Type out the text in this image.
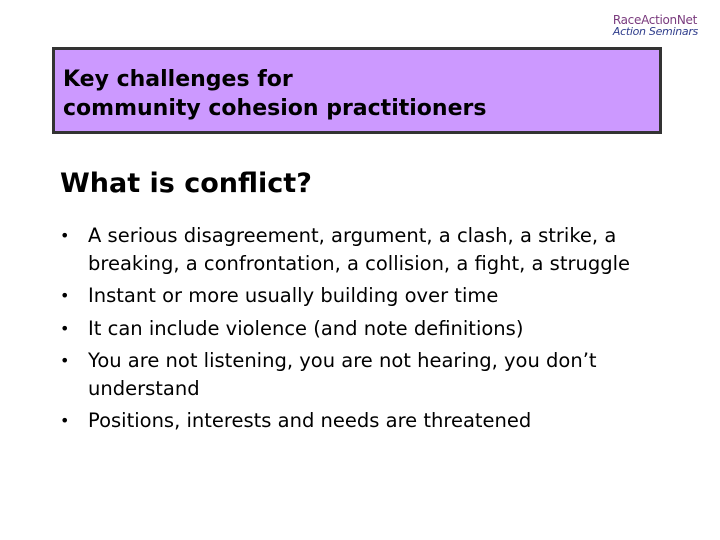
RaceActionNet
Action Seminars
Key challenges for
community cohesion practitioners
What is conflict?
• A serious disagreement, argument, a clash, a strike, a breaking, a confrontation, a collision, a fight, a struggle
• Instant or more usually building over time
• It can include violence (and note definitions)
• You are not listening, you are not hearing, you don’t understand
• Positions, interests and needs are threatened
